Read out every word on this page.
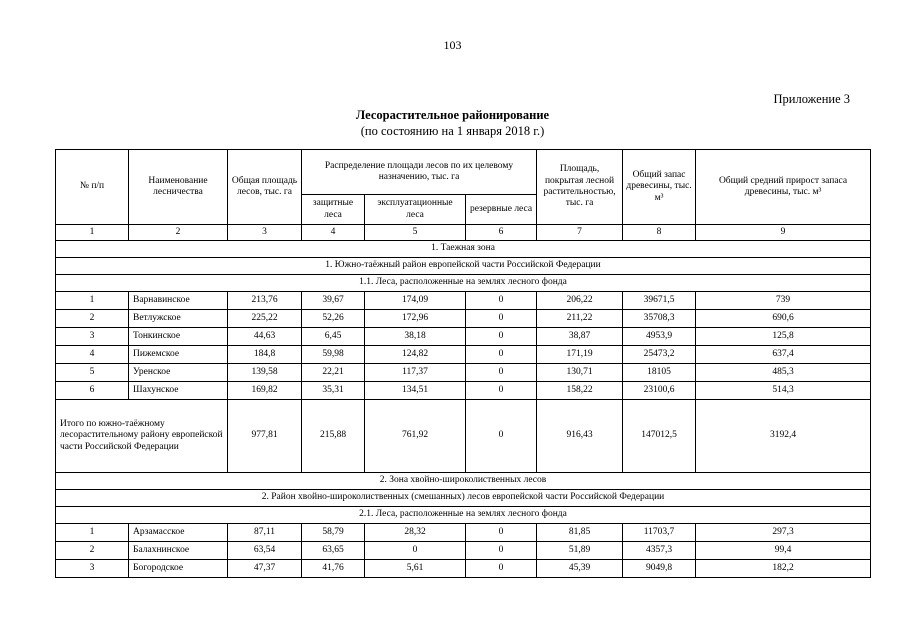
103
Приложение 3
Лесорастительное районирование
(по состоянию на 1 января 2018 г.)
№ п/п	Наименование лесничества	Общая площадь лесов, тыс. га	Распределение площади лесов по их целевому назначению, тыс. га			Площадь, покрытая лесной растительностью, тыс. га	Общий запас древесины, тыс. м³	Общий средний прирост запаса древесины, тыс. м³
			защитные леса	эксплуатационные леса	резервные леса			
1	2	3	4	5	6	7	8	9
1. Таежная зона								
1. Южно-таёжный район европейской части Российской Федерации								
1.1. Леса, расположенные на землях лесного фонда								
1	Варнавинское	213,76	39,67	174,09	0	206,22	39671,5	739
2	Ветлужское	225,22	52,26	172,96	0	211,22	35708,3	690,6
3	Тонкинское	44,63	6,45	38,18	0	38,87	4953,9	125,8
4	Пижемское	184,8	59,98	124,82	0	171,19	25473,2	637,4
5	Уренское	139,58	22,21	117,37	0	130,71	18105	485,3
6	Шахунское	169,82	35,31	134,51	0	158,22	23100,6	514,3
Итого по южно-таёжному лесорастительному району европейской части Российской Федерации		977,81	215,88	761,92	0	916,43	147012,5	3192,4
2. Зона хвойно-широколиственных лесов								
2. Район хвойно-широколиственных (смешанных) лесов европейской части Российской Федерации								
2.1. Леса, расположенные на землях лесного фонда								
1	Арзамасское	87,11	58,79	28,32	0	81,85	11703,7	297,3
2	Балахнинское	63,54	63,65	0	0	51,89	4357,3	99,4
3	Богородское	47,37	41,76	5,61	0	45,39	9049,8	182,2
